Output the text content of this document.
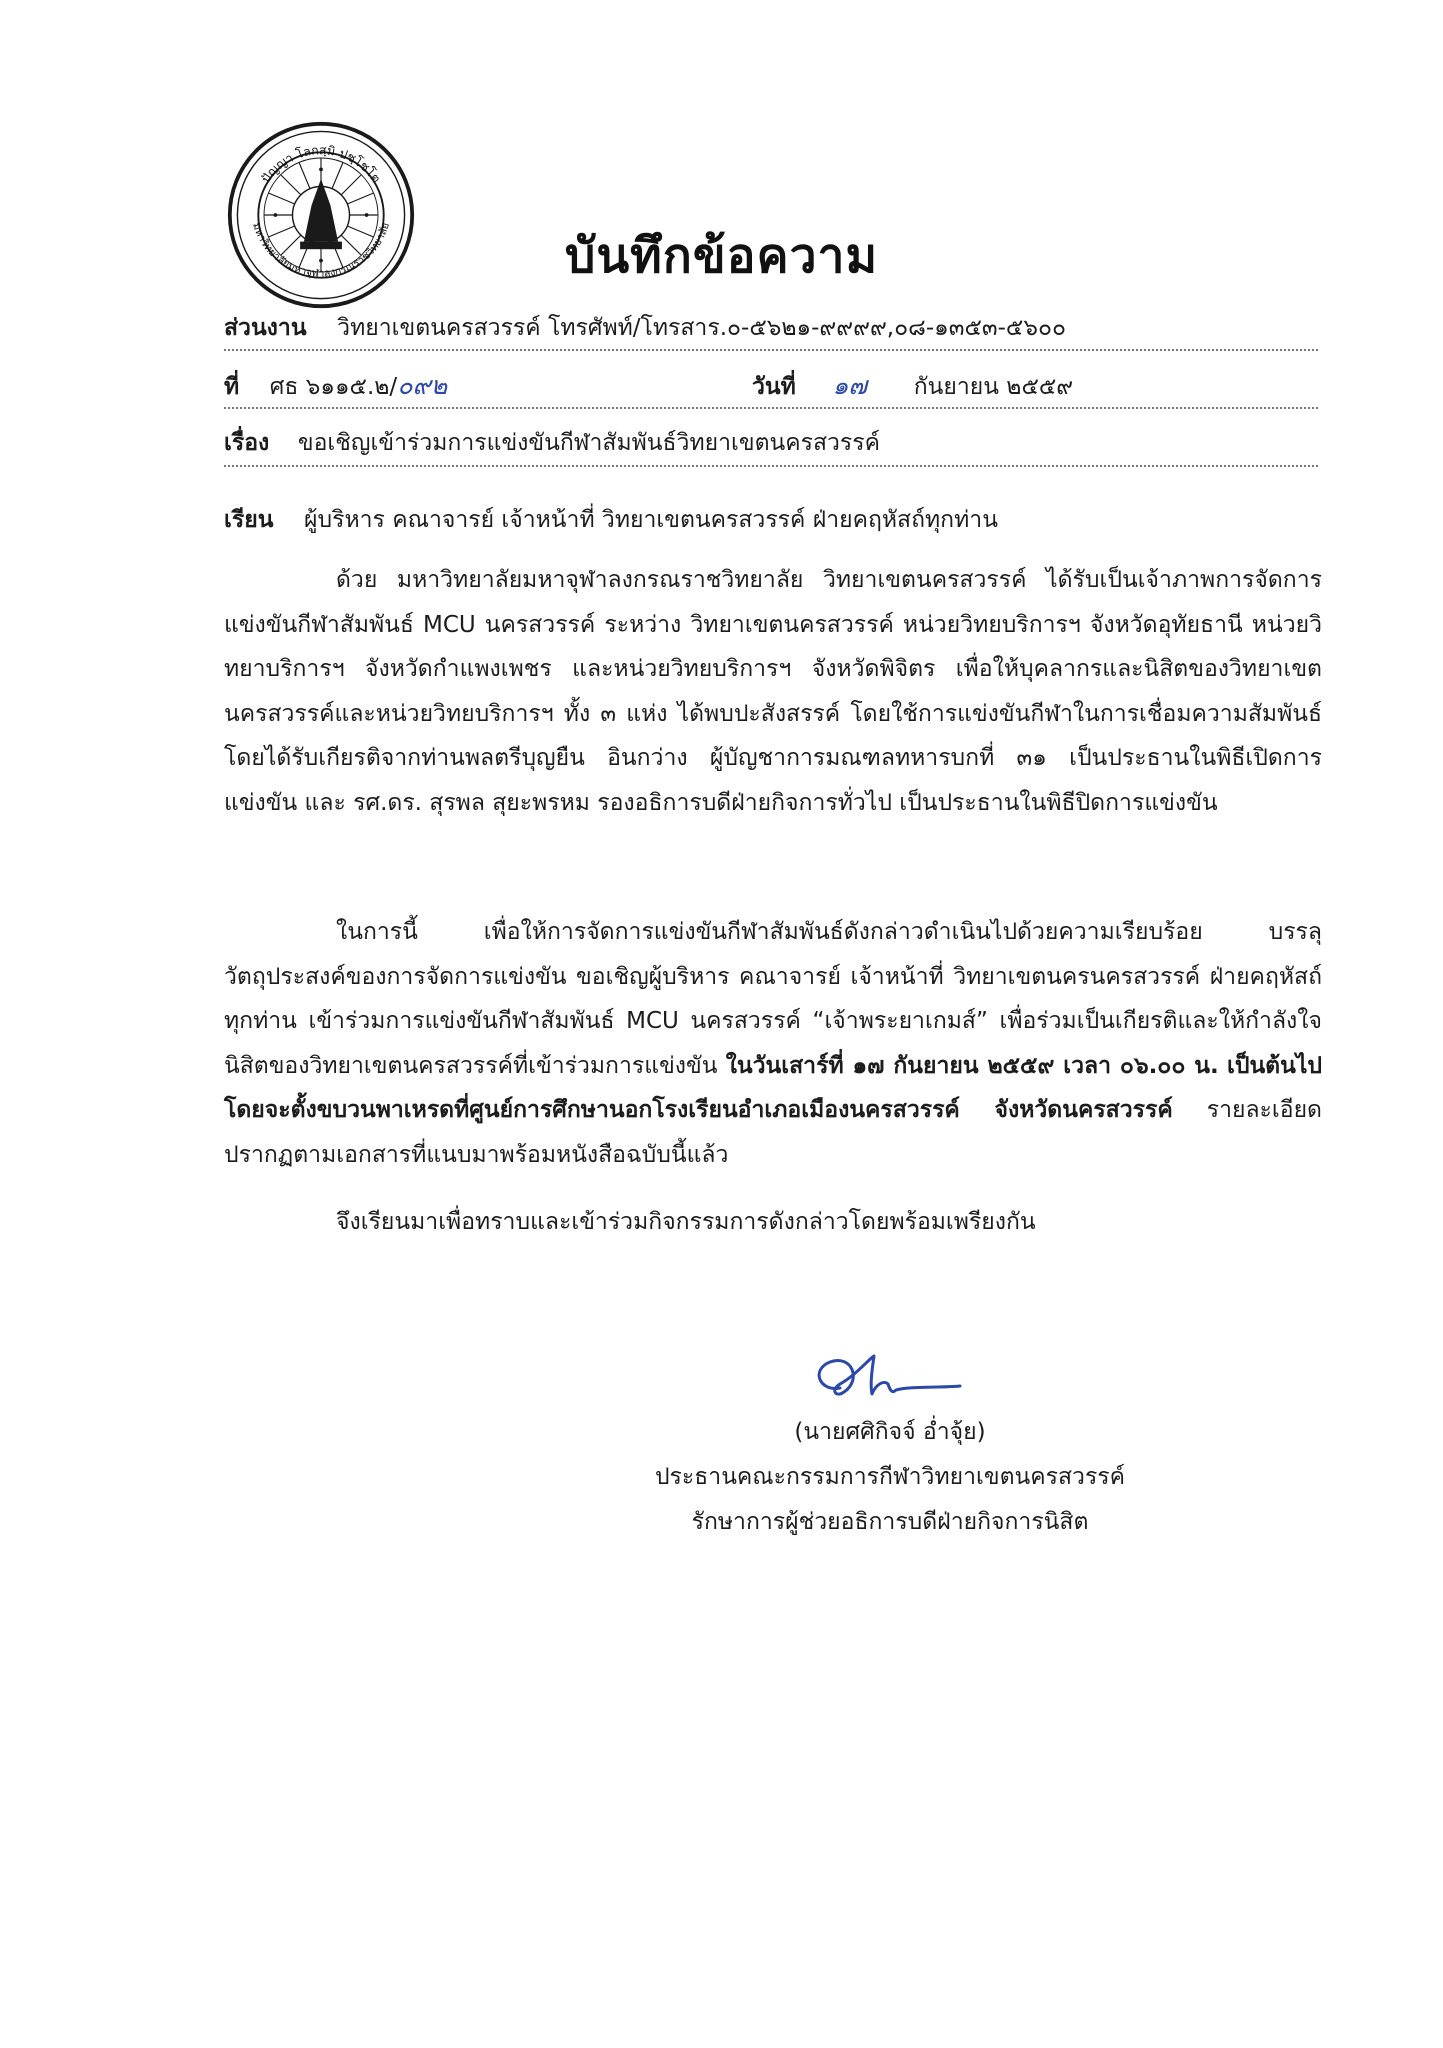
ปัญญา โลกสฺมิ ปชฺโชโต
มหาวิทยาลัยมหาจุฬาลงกรณราชวิทยาลัย
บันทึกข้อความ
ส่วนงาน วิทยาเขตนครสวรรค์ โทรศัพท์/โทรสาร.๐-๕๖๒๑-๙๙๙๙,๐๘-๑๓๕๓-๕๖๐๐
ที่ ศธ ๖๑๑๕.๒/๐๙๒	วันที่ ๑๗ กันยายน ๒๕๕๙
เรื่อง ขอเชิญเข้าร่วมการแข่งขันกีฬาสัมพันธ์วิทยาเขตนครสวรรค์
เรียน ผู้บริหาร คณาจารย์ เจ้าหน้าที่ วิทยาเขตนครสวรรค์ ฝ่ายคฤหัสถ์ทุกท่าน

ด้วย มหาวิทยาลัยมหาจุฬาลงกรณราชวิทยาลัย วิทยาเขตนครสวรรค์ ได้รับเป็นเจ้าภาพการจัดการแข่งขันกีฬาสัมพันธ์ MCU นครสวรรค์ ระหว่าง วิทยาเขตนครสวรรค์ หน่วยวิทยบริการฯ จังหวัดอุทัยธานี หน่วยวิทยาบริการฯ จังหวัดกำแพงเพชร และหน่วยวิทยบริการฯ จังหวัดพิจิตร เพื่อให้บุคลากรและนิสิตของวิทยาเขตนครสวรรค์และหน่วยวิทยบริการฯ ทั้ง ๓ แห่ง ได้พบปะสังสรรค์ โดยใช้การแข่งขันกีฬาในการเชื่อมความสัมพันธ์ โดยได้รับเกียรติจากท่านพลตรีบุญยืน อินกว่าง ผู้บัญชาการมณฑลทหารบกที่ ๓๑ เป็นประธานในพิธีเปิดการแข่งขัน และ รศ.ดร. สุรพล สุยะพรหม รองอธิการบดีฝ่ายกิจการทั่วไป เป็นประธานในพิธีปิดการแข่งขัน

ในการนี้ เพื่อให้การจัดการแข่งขันกีฬาสัมพันธ์ดังกล่าวดำเนินไปด้วยความเรียบร้อย บรรลุวัตถุประสงค์ของการจัดการแข่งขัน ขอเชิญผู้บริหาร คณาจารย์ เจ้าหน้าที่ วิทยาเขตนครนครสวรรค์ ฝ่ายคฤหัสถ์ ทุกท่าน เข้าร่วมการแข่งขันกีฬาสัมพันธ์ MCU นครสวรรค์ “เจ้าพระยาเกมส์” เพื่อร่วมเป็นเกียรติและให้กำลังใจนิสิตของวิทยาเขตนครสวรรค์ที่เข้าร่วมการแข่งขัน ในวันเสาร์ที่ ๑๗ กันยายน ๒๕๕๙ เวลา ๐๖.๐๐ น. เป็นต้นไป โดยจะตั้งขบวนพาเหรดที่ศูนย์การศึกษานอกโรงเรียนอำเภอเมืองนครสวรรค์ จังหวัดนครสวรรค์ รายละเอียดปรากฏตามเอกสารที่แนบมาพร้อมหนังสือฉบับนี้แล้ว

จึงเรียนมาเพื่อทราบและเข้าร่วมกิจกรรมการดังกล่าวโดยพร้อมเพรียงกัน

(นายศศิกิจจ์ อ่ำจุ้ย)
ประธานคณะกรรมการกีฬาวิทยาเขตนครสวรรค์
รักษาการผู้ช่วยอธิการบดีฝ่ายกิจการนิสิต
